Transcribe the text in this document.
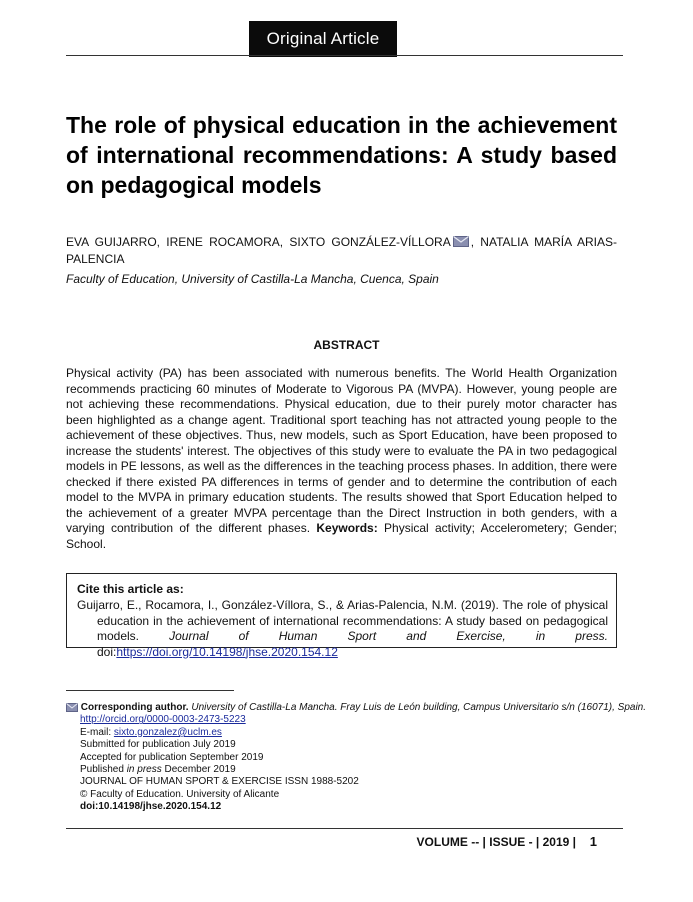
Original Article
The role of physical education in the achievement of international recommendations: A study based on pedagogical models
EVA GUIJARRO, IRENE ROCAMORA, SIXTO GONZÁLEZ-VÍLLORA , NATALIA MARÍA ARIAS-PALENCIA
Faculty of Education, University of Castilla-La Mancha, Cuenca, Spain
ABSTRACT
Physical activity (PA) has been associated with numerous benefits. The World Health Organization recommends practicing 60 minutes of Moderate to Vigorous PA (MVPA). However, young people are not achieving these recommendations. Physical education, due to their purely motor character has been highlighted as a change agent. Traditional sport teaching has not attracted young people to the achievement of these objectives. Thus, new models, such as Sport Education, have been proposed to increase the students' interest. The objectives of this study were to evaluate the PA in two pedagogical models in PE lessons, as well as the differences in the teaching process phases. In addition, there were checked if there existed PA differences in terms of gender and to determine the contribution of each model to the MVPA in primary education students. The results showed that Sport Education helped to the achievement of a greater MVPA percentage than the Direct Instruction in both genders, with a varying contribution of the different phases. Keywords: Physical activity; Accelerometery; Gender; School.
Cite this article as:
Guijarro, E., Rocamora, I., González-Víllora, S., & Arias-Palencia, N.M. (2019). The role of physical education in the achievement of international recommendations: A study based on pedagogical models. Journal of Human Sport and Exercise, in press. doi:https://doi.org/10.14198/jhse.2020.154.12
Corresponding author. University of Castilla-La Mancha. Fray Luis de León building, Campus Universitario s/n (16071), Spain.
http://orcid.org/0000-0003-2473-5223
E-mail: sixto.gonzalez@uclm.es
Submitted for publication July 2019
Accepted for publication September 2019
Published in press December 2019
JOURNAL OF HUMAN SPORT & EXERCISE ISSN 1988-5202
© Faculty of Education. University of Alicante
doi:10.14198/jhse.2020.154.12
VOLUME -- | ISSUE - | 2019 | 1
